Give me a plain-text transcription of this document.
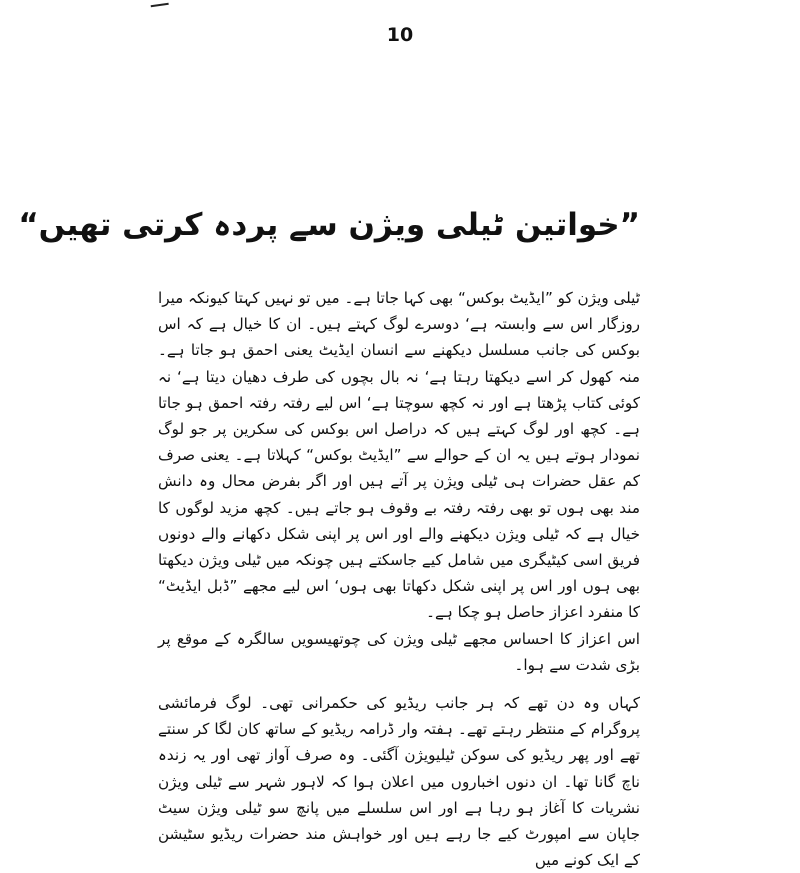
10
”خواتین ٹیلی ویژن سے پردہ کرتی تھیں“

ٹیلی ویژن کو ”ایڈیٹ بوکس“ بھی کہا جاتا ہے۔ میں تو نہیں کہتا کیونکہ میرا روزگار اس سے وابستہ ہے‘ دوسرے لوگ کہتے ہیں۔ ان کا خیال ہے کہ اس بوکس کی جانب مسلسل دیکھنے سے انسان ایڈیٹ یعنی احمق ہو جاتا ہے۔ منہ کھول کر اسے دیکھتا رہتا ہے‘ نہ بال بچوں کی طرف دھیان دیتا ہے‘ نہ کوئی کتاب پڑھتا ہے اور نہ کچھ سوچتا ہے‘ اس لیے رفتہ رفتہ احمق ہو جاتا ہے۔ کچھ اور لوگ کہتے ہیں کہ دراصل اس بوکس کی سکرین پر جو لوگ نمودار ہوتے ہیں یہ ان کے حوالے سے ”ایڈیٹ بوکس“ کہلاتا ہے۔ یعنی صرف کم عقل حضرات ہی ٹیلی ویژن پر آتے ہیں اور اگر بفرض محال وہ دانش مند بھی ہوں تو بھی رفتہ رفتہ بے وقوف ہو جاتے ہیں۔ کچھ مزید لوگوں کا خیال ہے کہ ٹیلی ویژن دیکھنے والے اور اس پر اپنی شکل دکھانے والے دونوں فریق اسی کیٹیگری میں شامل کیے جاسکتے ہیں چونکہ میں ٹیلی ویژن دیکھتا بھی ہوں اور اس پر اپنی شکل دکھاتا بھی ہوں‘ اس لیے مجھے ”ڈبل ایڈیٹ“ کا منفرد اعزاز حاصل ہو چکا ہے۔

اس اعزاز کا احساس مجھے ٹیلی ویژن کی چوتھیسویں سالگرہ کے موقع پر بڑی شدت سے ہوا۔

کہاں وہ دن تھے کہ ہر جانب ریڈیو کی حکمرانی تھی۔ لوگ فرمائشی پروگرام کے منتظر رہتے تھے۔ ہفتہ وار ڈرامہ ریڈیو کے ساتھ کان لگا کر سنتے تھے اور پھر ریڈیو کی سوکن ٹیلیویژن آگئی۔ وہ صرف آواز تھی اور یہ زندہ ناچ گانا تھا۔ ان دنوں اخباروں میں اعلان ہوا کہ لاہور شہر سے ٹیلی ویژن نشریات کا آغاز ہو رہا ہے اور اس سلسلے میں پانچ سو ٹیلی ویژن سیٹ جاپان سے امپورٹ کیے جا رہے ہیں اور خواہش مند حضرات ریڈیو سٹیشن کے ایک کونے میں
